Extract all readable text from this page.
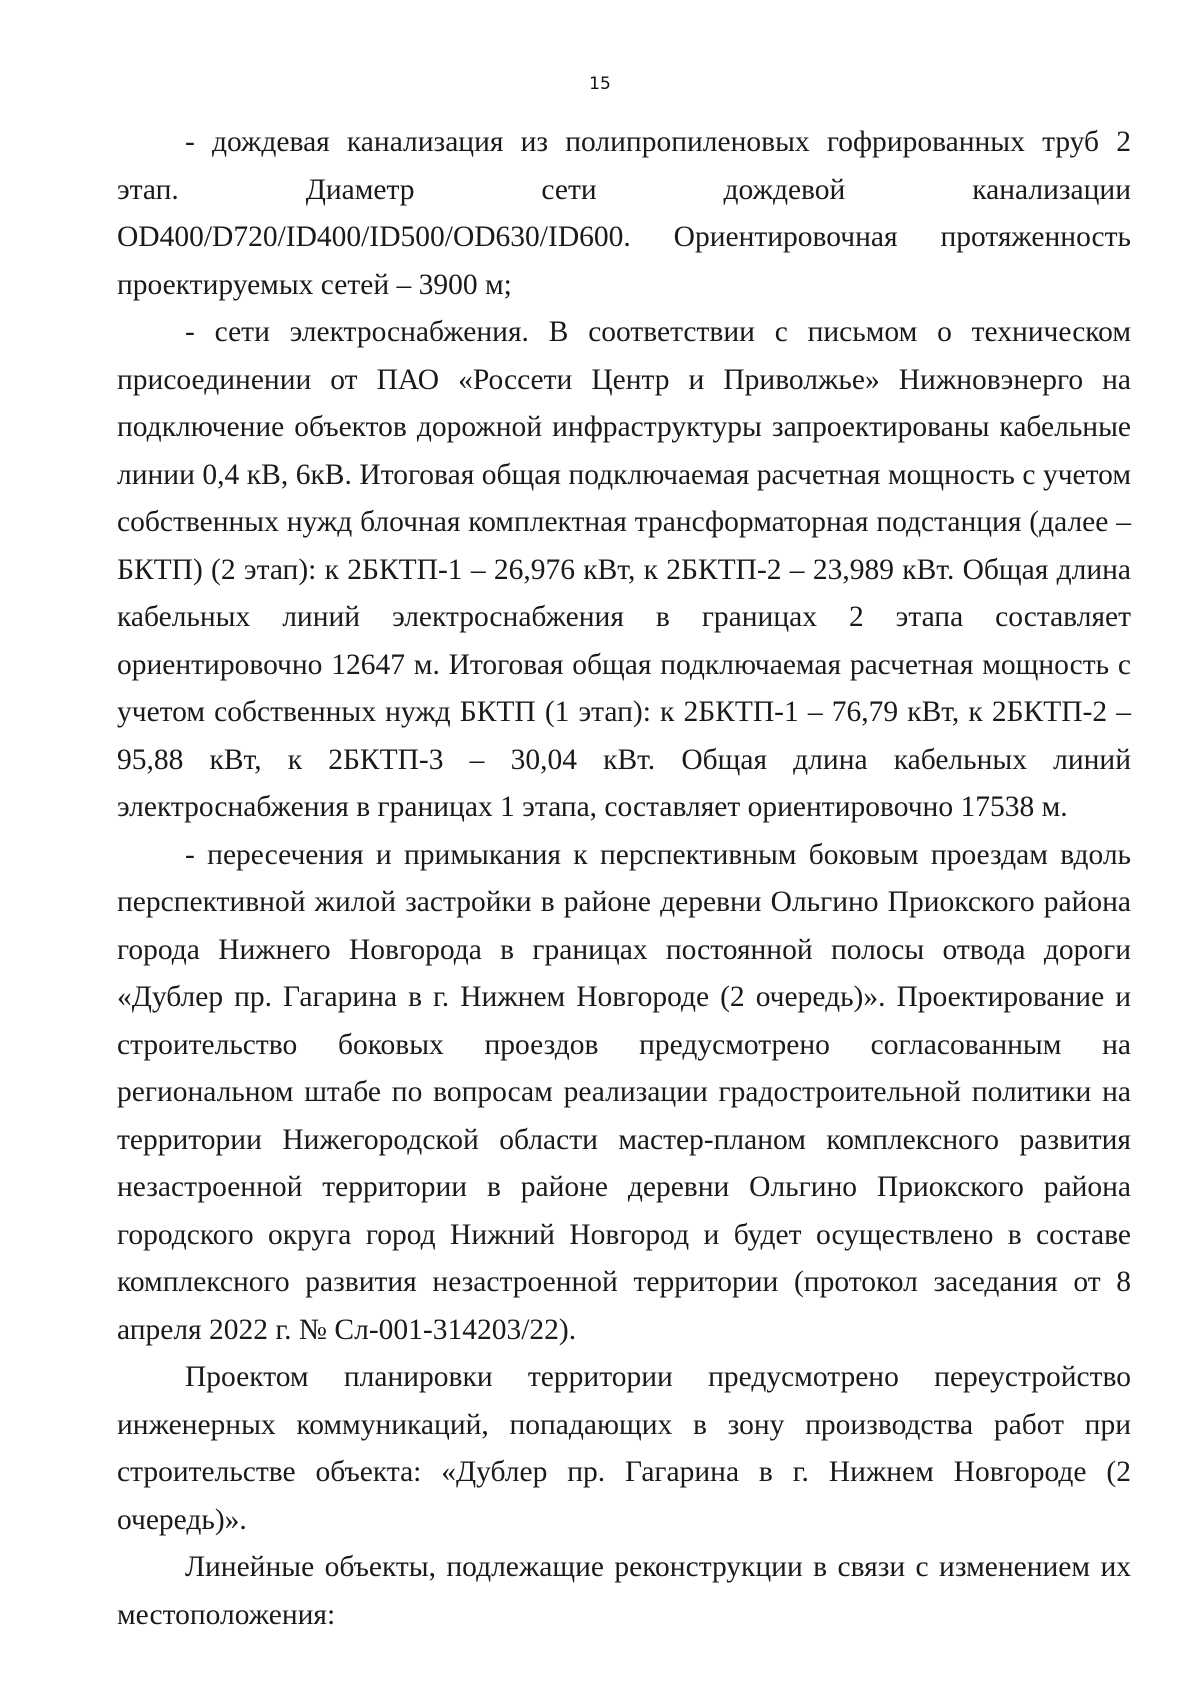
15

- дождевая канализация из полипропиленовых гофрированных труб 2 этап. Диаметр сети дождевой канализации OD400/D720/ID400/ID500/OD630/ID600. Ориентировочная протяженность проектируемых сетей – 3900 м;

- сети электроснабжения. В соответствии с письмом о техническом присоединении от ПАО «Россети Центр и Приволжье» Нижновэнерго на подключение объектов дорожной инфраструктуры запроектированы кабельные линии 0,4 кВ, 6кВ. Итоговая общая подключаемая расчетная мощность с учетом собственных нужд блочная комплектная трансформаторная подстанция (далее – БКТП) (2 этап): к 2БКТП-1 – 26,976 кВт, к 2БКТП-2 – 23,989 кВт. Общая длина кабельных линий электроснабжения в границах 2 этапа составляет ориентировочно 12647 м. Итоговая общая подключаемая расчетная мощность с учетом собственных нужд БКТП (1 этап): к 2БКТП-1 – 76,79 кВт, к 2БКТП-2 – 95,88 кВт, к 2БКТП-3 – 30,04 кВт. Общая длина кабельных линий электроснабжения в границах 1 этапа, составляет ориентировочно 17538 м.

- пересечения и примыкания к перспективным боковым проездам вдоль перспективной жилой застройки в районе деревни Ольгино Приокского района города Нижнего Новгорода в границах постоянной полосы отвода дороги «Дублер пр. Гагарина в г. Нижнем Новгороде (2 очередь)». Проектирование и строительство боковых проездов предусмотрено согласованным на региональном штабе по вопросам реализации градостроительной политики на территории Нижегородской области мастер-планом комплексного развития незастроенной территории в районе деревни Ольгино Приокского района городского округа город Нижний Новгород и будет осуществлено в составе комплексного развития незастроенной территории (протокол заседания от 8 апреля 2022 г. № Сл-001-314203/22).

Проектом планировки территории предусмотрено переустройство инженерных коммуникаций, попадающих в зону производства работ при строительстве объекта: «Дублер пр. Гагарина в г. Нижнем Новгороде (2 очередь)».

Линейные объекты, подлежащие реконструкции в связи с изменением их местоположения:
